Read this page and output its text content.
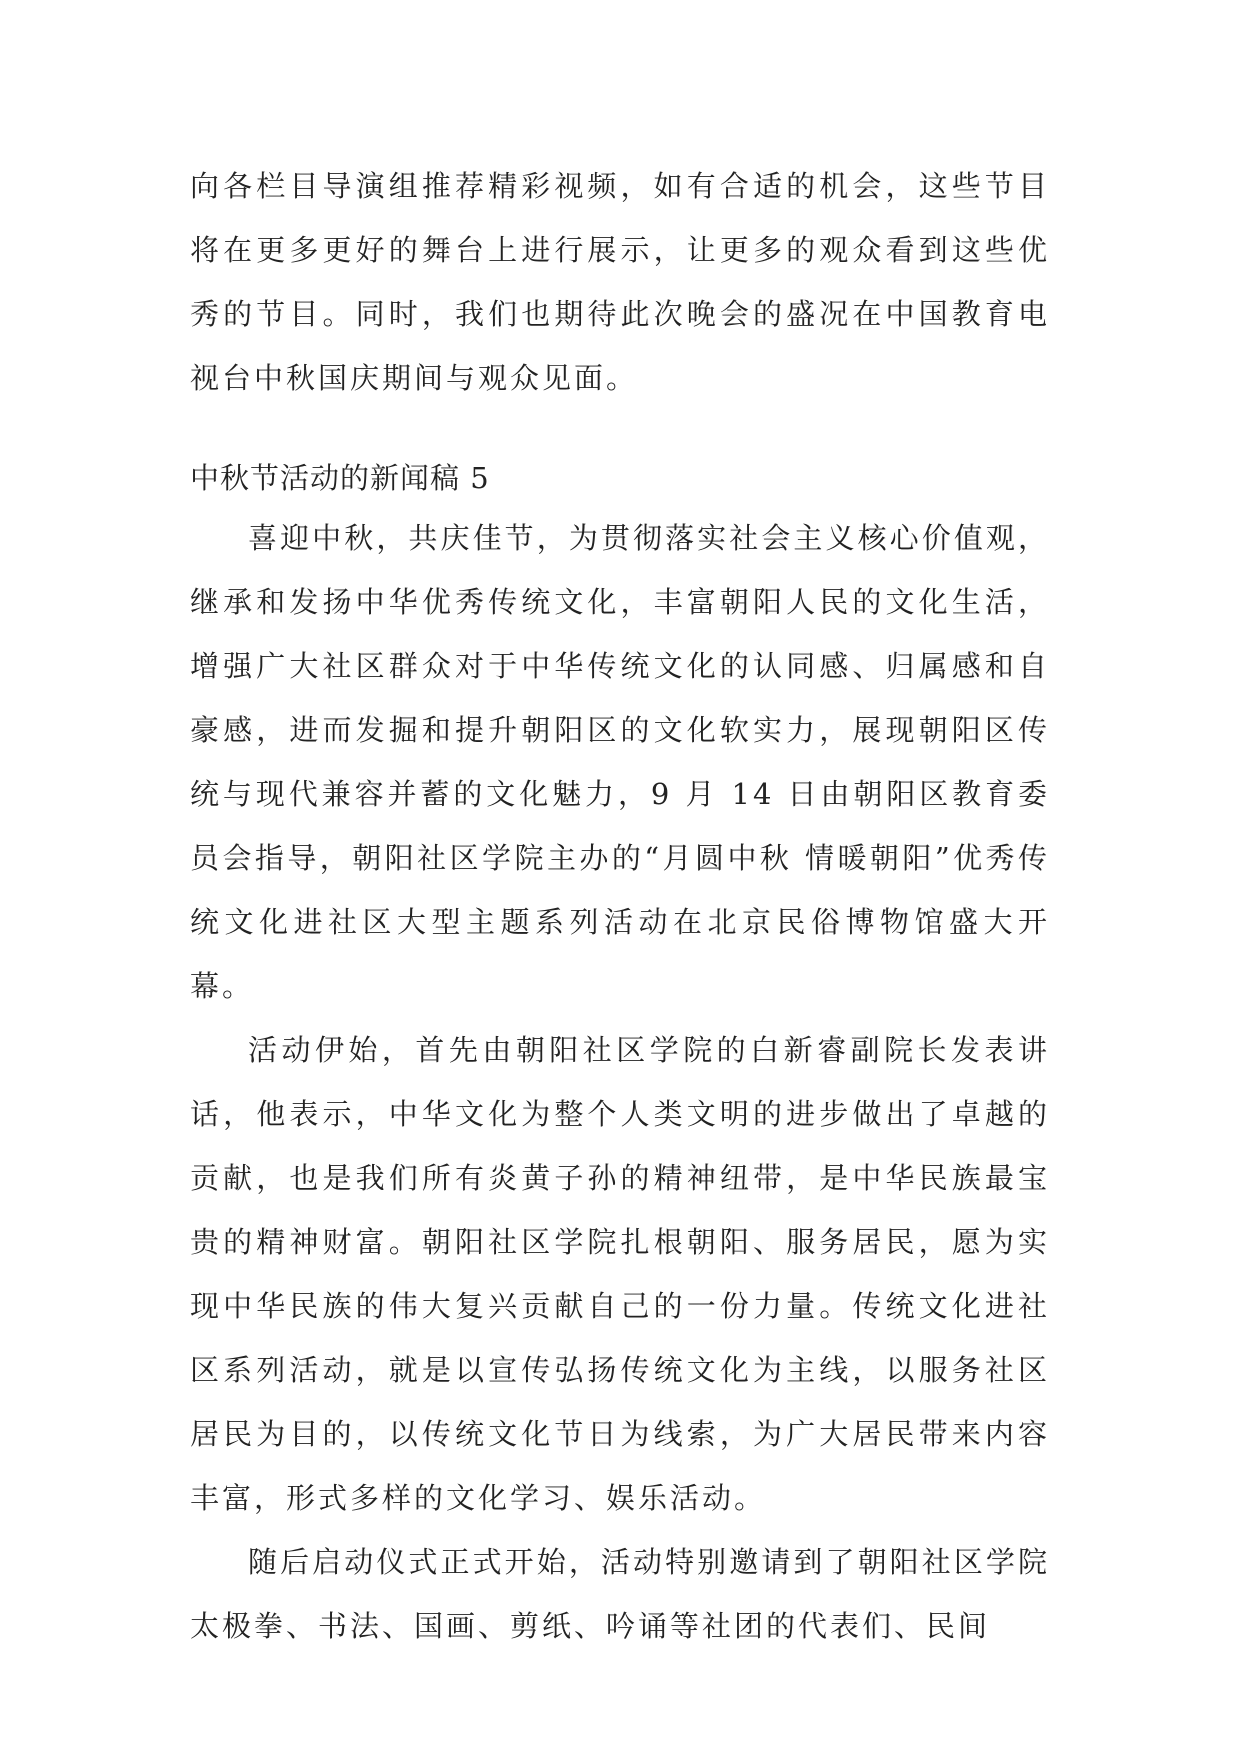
向各栏目导演组推荐精彩视频，如有合适的机会，这些节目将在更多更好的舞台上进行展示，让更多的观众看到这些优秀的节目。同时，我们也期待此次晚会的盛况在中国教育电视台中秋国庆期间与观众见面。
中秋节活动的新闻稿 5

喜迎中秋，共庆佳节，为贯彻落实社会主义核心价值观，继承和发扬中华优秀传统文化，丰富朝阳人民的文化生活，增强广大社区群众对于中华传统文化的认同感、归属感和自豪感，进而发掘和提升朝阳区的文化软实力，展现朝阳区传统与现代兼容并蓄的文化魅力，9 月 14 日由朝阳区教育委员会指导，朝阳社区学院主办的“月圆中秋 情暖朝阳”优秀传统文化进社区大型主题系列活动在北京民俗博物馆盛大开幕。

活动伊始，首先由朝阳社区学院的白新睿副院长发表讲话，他表示，中华文化为整个人类文明的进步做出了卓越的贡献，也是我们所有炎黄子孙的精神纽带，是中华民族最宝贵的精神财富。朝阳社区学院扎根朝阳、服务居民，愿为实现中华民族的伟大复兴贡献自己的一份力量。传统文化进社区系列活动，就是以宣传弘扬传统文化为主线，以服务社区居民为目的，以传统文化节日为线索，为广大居民带来内容丰富，形式多样的文化学习、娱乐活动。

随后启动仪式正式开始，活动特别邀请到了朝阳社区学院太极拳、书法、国画、剪纸、吟诵等社团的代表们、民间
